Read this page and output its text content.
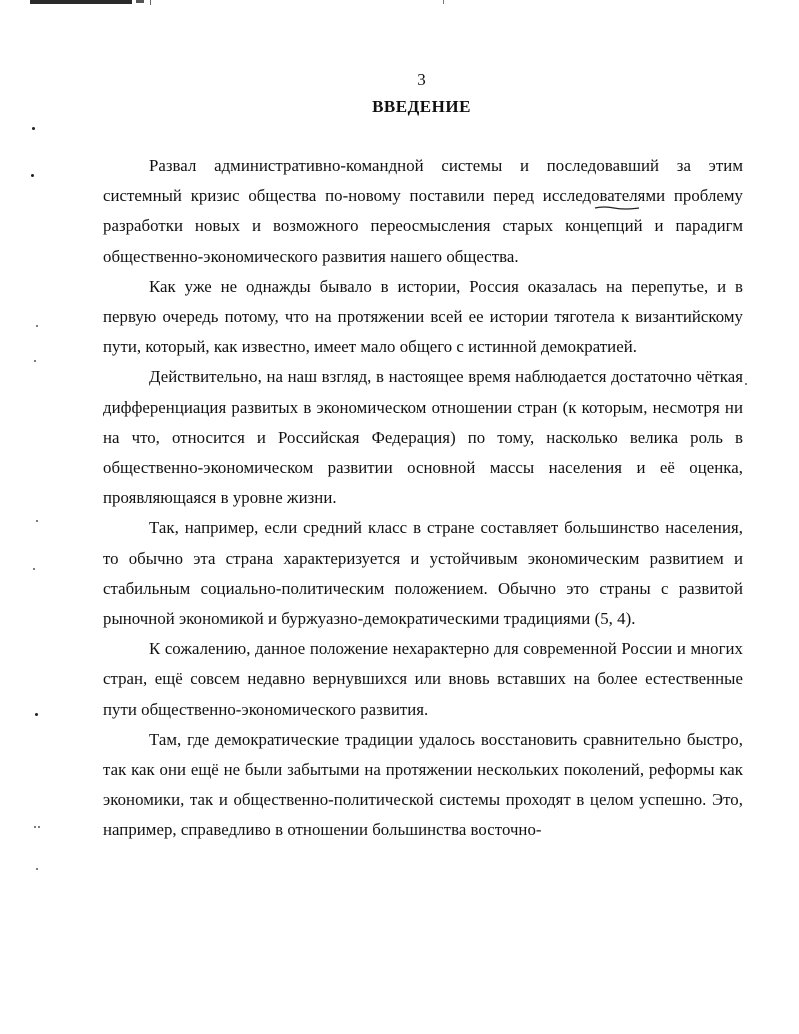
3
ВВЕДЕНИЕ

Развал административно-командной системы и последовавший за этим системный кризис общества по-новому поставили перед исследователями проблему разработки новых и возможного переосмысления старых концепций и парадигм общественно-экономического развития нашего общества.

Как уже не однажды бывало в истории, Россия оказалась на перепутье, и в первую очередь потому, что на протяжении всей ее истории тяготела к византийскому пути, который, как известно, имеет мало общего с истинной демократией.

Действительно, на наш взгляд, в настоящее время наблюдается достаточно чёткая дифференциация развитых в экономическом отношении стран (к которым, несмотря ни на что, относится и Российская Федерация) по тому, насколько велика роль в общественно-экономическом развитии основной массы населения и её оценка, проявляющаяся в уровне жизни.

Так, например, если средний класс в стране составляет большинство населения, то обычно эта страна характеризуется и устойчивым экономическим развитием и стабильным социально-политическим положением. Обычно это страны с развитой рыночной экономикой и буржуазно-демократическими традициями (5, 4).

К сожалению, данное положение нехарактерно для современной России и многих стран, ещё совсем недавно вернувшихся или вновь вставших на более естественные пути общественно-экономического развития.

Там, где демократические традиции удалось восстановить сравнительно быстро, так как они ещё не были забытыми на протяжении нескольких поколений, реформы как экономики, так и общественно-политической системы проходят в целом успешно. Это, например, справедливо в отношении большинства восточно-
